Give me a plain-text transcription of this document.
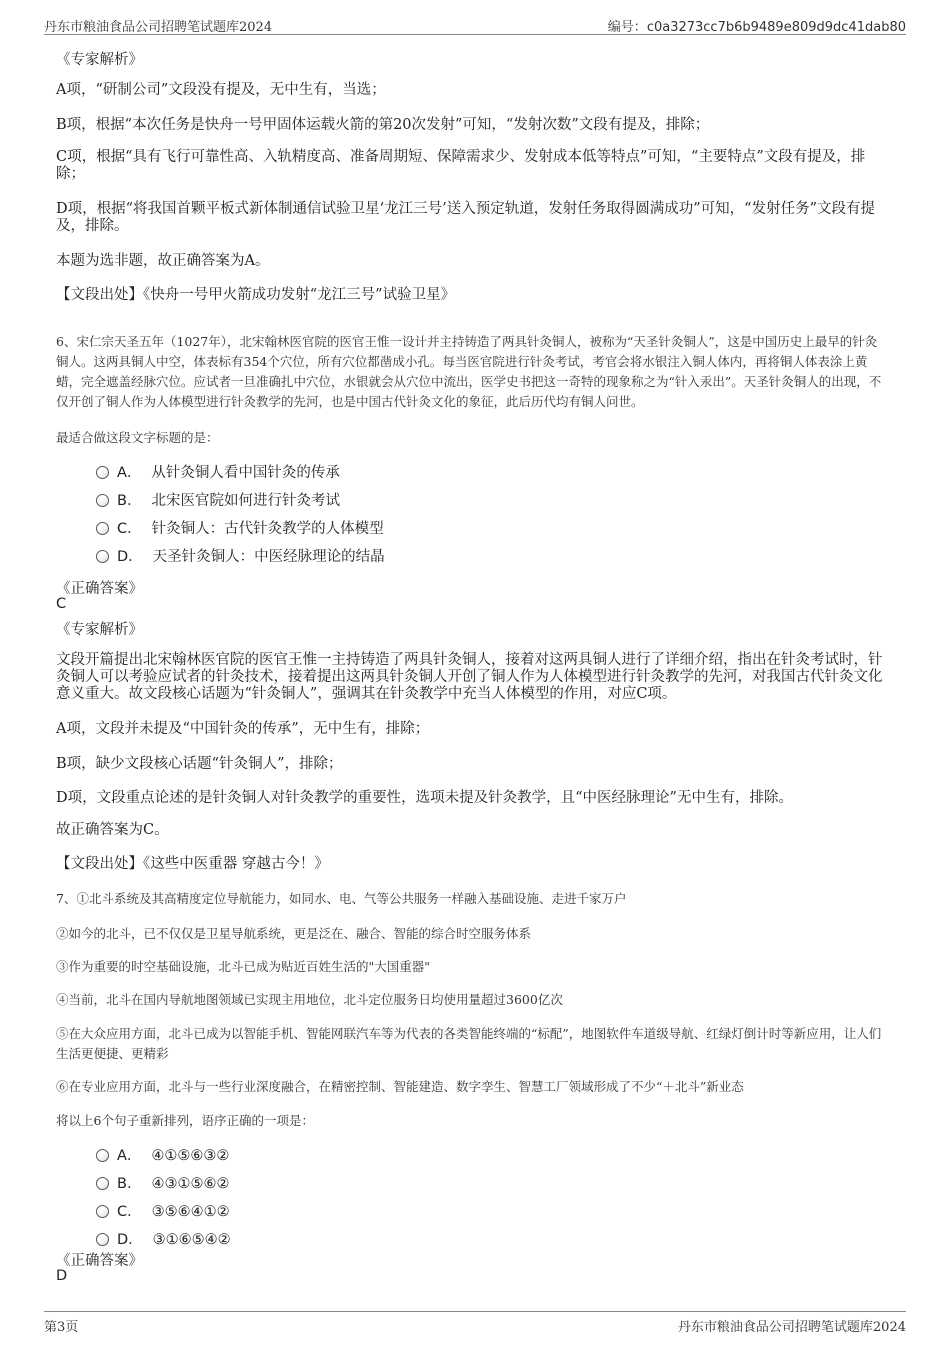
丹东市粮油食品公司招聘笔试题库2024	编号：c0a3273cc7b6b9489e809d9dc41dab80
《专家解析》
A项，“研制公司”文段没有提及，无中生有，当选；
B项，根据“本次任务是快舟一号甲固体运载火箭的第20次发射”可知，“发射次数”文段有提及，排除；
C项，根据“具有飞行可靠性高、入轨精度高、准备周期短、保障需求少、发射成本低等特点”可知，“主要特点”文段有提及，排除；
D项，根据“将我国首颗平板式新体制通信试验卫星‘龙江三号’送入预定轨道，发射任务取得圆满成功”可知，“发射任务”文段有提及，排除。
本题为选非题，故正确答案为A。
【文段出处】《快舟一号甲火箭成功发射“龙江三号”试验卫星》
6、宋仁宗天圣五年（1027年），北宋翰林医官院的医官王惟一设计并主持铸造了两具针灸铜人，被称为“天圣针灸铜人”，这是中国历史上最早的针灸铜人。这两具铜人中空，体表标有354个穴位，所有穴位都凿成小孔。每当医官院进行针灸考试，考官会将水银注入铜人体内，再将铜人体表涂上黄蜡，完全遮盖经脉穴位。应试者一旦准确扎中穴位，水银就会从穴位中流出，医学史书把这一奇特的现象称之为“针入汞出”。天圣针灸铜人的出现，不仅开创了铜人作为人体模型进行针灸教学的先河，也是中国古代针灸文化的象征，此后历代均有铜人问世。
最适合做这段文字标题的是：
A． 从针灸铜人看中国针灸的传承
B． 北宋医官院如何进行针灸考试
C． 针灸铜人：古代针灸教学的人体模型
D． 天圣针灸铜人：中医经脉理论的结晶
《正确答案》
C
《专家解析》
文段开篇提出北宋翰林医官院的医官王惟一主持铸造了两具针灸铜人，接着对这两具铜人进行了详细介绍，指出在针灸考试时，针灸铜人可以考验应试者的针灸技术，接着提出这两具针灸铜人开创了铜人作为人体模型进行针灸教学的先河，对我国古代针灸文化意义重大。故文段核心话题为“针灸铜人”，强调其在针灸教学中充当人体模型的作用，对应C项。
A项，文段并未提及“中国针灸的传承”，无中生有，排除；
B项，缺少文段核心话题“针灸铜人”，排除；
D项，文段重点论述的是针灸铜人对针灸教学的重要性，选项未提及针灸教学，且“中医经脉理论”无中生有，排除。
故正确答案为C。
【文段出处】《这些中医重器 穿越古今！》
7、①北斗系统及其高精度定位导航能力，如同水、电、气等公共服务一样融入基础设施、走进千家万户
②如今的北斗，已不仅仅是卫星导航系统，更是泛在、融合、智能的综合时空服务体系
③作为重要的时空基础设施，北斗已成为贴近百姓生活的"大国重器"
④当前，北斗在国内导航地图领域已实现主用地位，北斗定位服务日均使用量超过3600亿次
⑤在大众应用方面，北斗已成为以智能手机、智能网联汽车等为代表的各类智能终端的“标配”，地图软件车道级导航、红绿灯倒计时等新应用，让人们生活更便捷、更精彩
⑥在专业应用方面，北斗与一些行业深度融合，在精密控制、智能建造、数字孪生、智慧工厂领域形成了不少“＋北斗”新业态
将以上6个句子重新排列，语序正确的一项是：
A． ④①⑤⑥③②
B． ④③①⑤⑥②
C． ③⑤⑥④①②
D． ③①⑥⑤④②
《正确答案》
D
第3页	丹东市粮油食品公司招聘笔试题库2024
